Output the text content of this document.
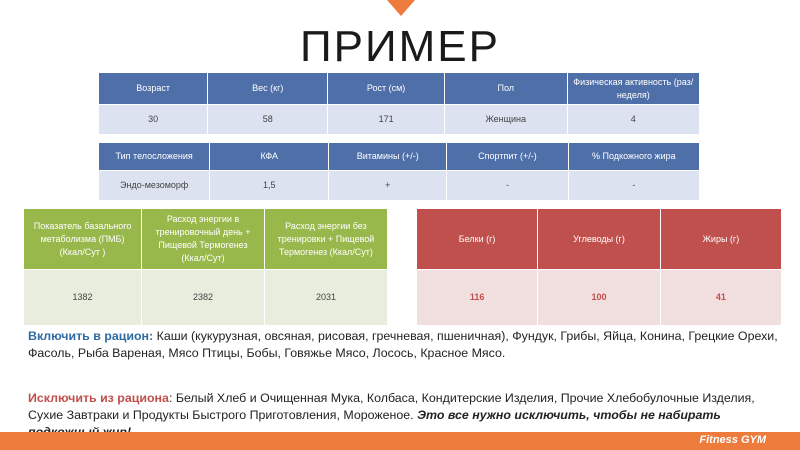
ПРИМЕР
Возраст	Вес (кг)	Рост (см)	Пол	Физическая активность (раз/неделя)
30	58	171	Женщина	4
Тип телосложения	КФА	Витамины (+/-)	Спортпит (+/-)	% Подкожного жира
Эндо-мезоморф	1,5	+	-	-
Показатель базального метаболизма (ПМБ) (Ккал/Сут )	Расход энергии в тренировочный день + Пищевой Термогенез (Ккал/Сут)	Расход энергии без тренировки + Пищевой Термогенез (Ккал/Сут)
1382	2382	2031
Белки (г)	Углеводы (г)	Жиры (г)
116	100	41
Включить в рацион: Каши (кукурузная, овсяная, рисовая, гречневая, пшеничная), Фундук, Грибы, Яйца, Конина, Грецкие Орехи, Фасоль, Рыба Вареная, Мясо Птицы, Бобы, Говяжье Мясо, Лосось, Красное Мясо.
Исключить из рациона: Белый Хлеб и Очищенная Мука, Колбаса, Кондитерские Изделия, Прочие Хлебобулочные Изделия, Сухие Завтраки и Продукты Быстрого Приготовления, Мороженое. Это все нужно исключить, чтобы не набирать
Fitness GYM
